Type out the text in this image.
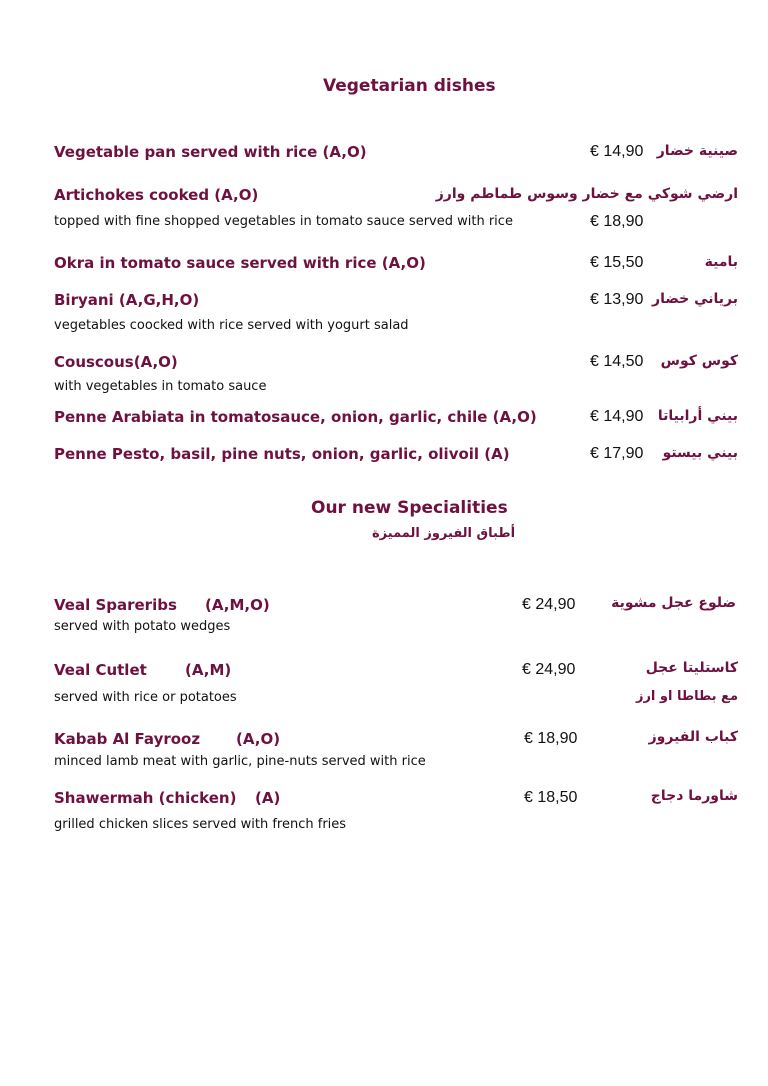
Vegetarian dishes
Vegetable pan served with rice (A,O)	€ 14,90 صينية خضار
Artichokes cooked (A,O)	ارضي شوكي مع خضار وسوس طماطم وارز
topped with fine shopped vegetables in tomato sauce served with rice	€ 18,90
Okra in tomato sauce served with rice (A,O)	€ 15,50	بامية
Biryani (A,G,H,O)	€ 13,90 برياني خضار
vegetables coocked with rice served with yogurt salad
Couscous(A,O)	€ 14,50 كوس كوس
with vegetables in tomato sauce
Penne Arabiata in tomatosauce, onion, garlic, chile (A,O)	€ 14,90 بيني أرابياتا
Penne Pesto, basil, pine nuts, onion, garlic, olivoil (A)	€ 17,90 بيني بيستو
Our new Specialities
أطباق الفيروز المميزة
Veal Spareribs (A,M,O)	€ 24,90	ضلوع عجل مشوية
served with potato wedges
Veal Cutlet	(A,M)	€ 24,90	كاستليتا عجل
served with rice or potatoes	مع بطاطا او ارز
Kabab Al Fayrooz (A,O)	€ 18,90	كباب الفيروز
minced lamb meat with garlic, pine-nuts served with rice
Shawermah (chicken) (A)	€ 18,50	شاورما دجاج
grilled chicken slices served with french fries
